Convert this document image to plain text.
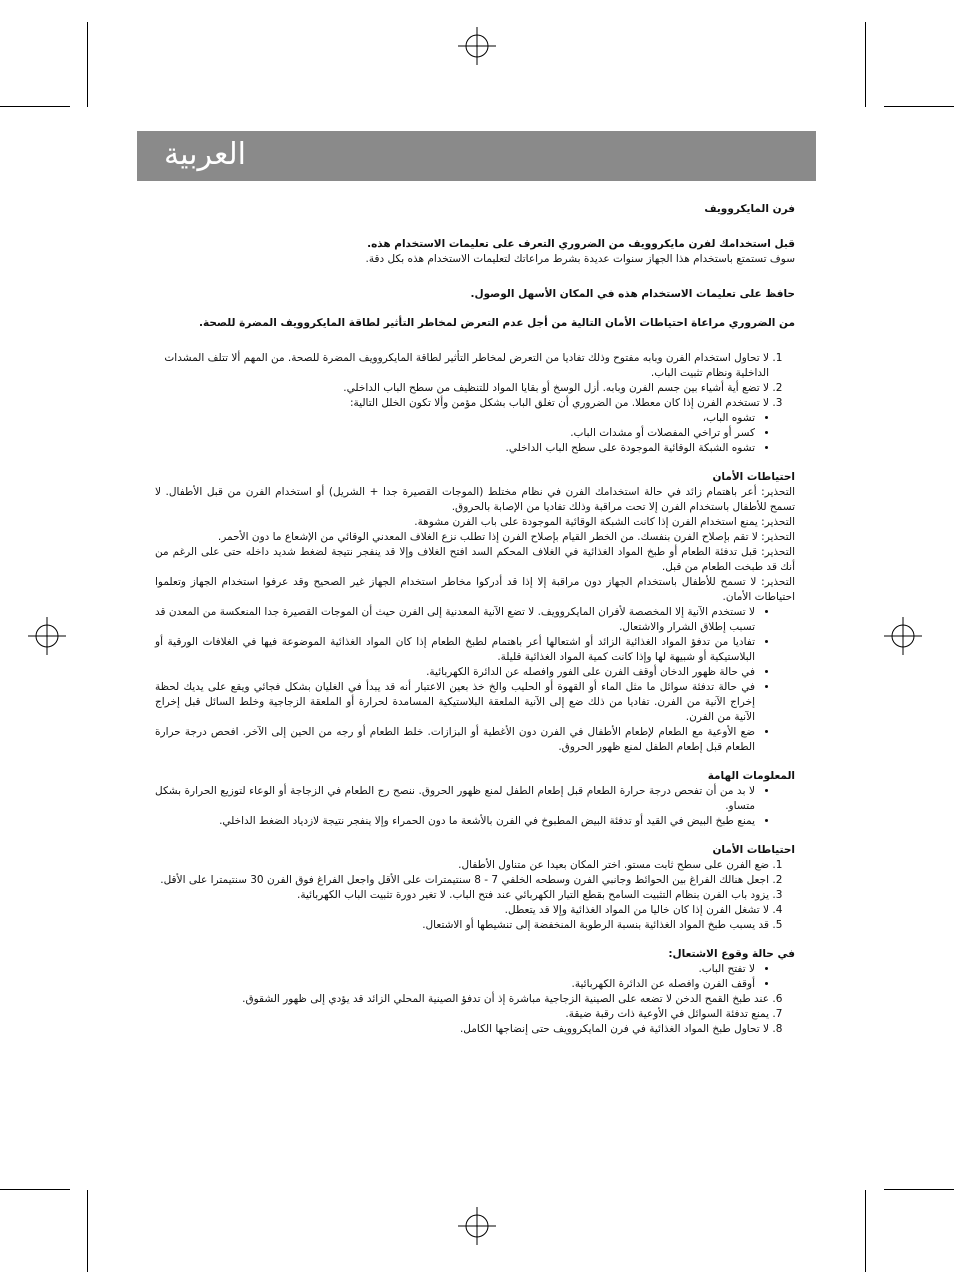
العربية

فرن المايكروويف

قبل استخدامك لفرن مايكروويف من الضروري التعرف على تعليمات الاستخدام هذه.

سوف تستمتع باستخدام هذا الجهاز سنوات عديدة بشرط مراعاتك لتعليمات الاستخدام هذه بكل دقة.

حافظ على تعليمات الاستخدام هذه في المكان الأسهل الوصول.

من الضروري مراعاة احتياطات الأمان التالية من أجل عدم التعرض لمخاطر التأثير لطاقة المايكروويف المضرة للصحة.

1. لا تحاول استخدام الفرن وبابه مفتوح وذلك تفاديا من التعرض لمخاطر التأثير لطاقة المايكروويف المضرة للصحة. من المهم ألا تتلف المشدات الداخلية ونظام تثبيت الباب.
2. لا تضع أية أشياء بين جسم الفرن وبابه. أزل الوسخ أو بقايا المواد للتنظيف من سطح الباب الداخلي.
3. لا تستخدم الفرن إذا كان معطلا. من الضروري أن تغلق الباب بشكل مؤمن وألا تكون الخلل التالية:
• تشوه الباب،
• كسر أو تراخي المفصلات أو مشدات الباب.
• تشوه الشبكة الوقائية الموجودة على سطح الباب الداخلي.

احتياطات الأمان

التحذير: أعر باهتمام زائد في حالة استخدامك الفرن في نظام مختلط (الموجات القصيرة جدا + الشريل) أو استخدام الفرن من قبل الأطفال. لا تسمح للأطفال باستخدام الفرن إلا تحت مراقبة وذلك تفاديا من الإصابة بالحروق.

التحذير: يمنع استخدام الفرن إذا كانت الشبكة الوقائية الموجودة على باب الفرن مشوهة.

التحذير: لا تقم بإصلاح الفرن بنفسك. من الخطر القيام بإصلاح الفرن إذا تطلب نزع الغلاف المعدني الوقائي من الإشعاع ما دون الأحمر.

التحذير: قبل تدفئة الطعام أو طبخ المواد الغذائية في الغلاف المحكم السد افتح الغلاف وإلا قد ينفجر نتيجة لضغط شديد داخله حتى على الرغم من أنك قد طبخت الطعام من قبل.

التحذير: لا تسمح للأطفال باستخدام الجهاز دون مراقبة إلا إذا قد أدركوا مخاطر استخدام الجهاز غير الصحيح وقد عرفوا استخدام الجهاز وتعلموا احتياطات الأمان.

• لا تستخدم الآنية إلا المخصصة لأفران المايكروويف. لا تضع الآنية المعدنية إلى الفرن حيث أن الموجات القصيرة جدا المنعكسة من المعدن قد تسبب إطلاق الشرار والاشتعال.
• تفاديا من تدفؤ المواد الغذائية الزائد أو اشتعالها أعر باهتمام لطبخ الطعام إذا كان المواد الغذائية الموضوعة فيها في الغلافات الورقية أو البلاستيكية أو شبيهة لها وإذا كانت كمية المواد الغذائية قليلة.
• في حالة ظهور الدخان أوقف الفرن على الفور وافصله عن الدائرة الكهربائية.
• في حالة تدفئة سوائل ما مثل الماء أو القهوة أو الحليب والخ خذ بعين الاعتبار أنه قد يبدأ في الغليان بشكل فجائي ويقع على يديك لحظة إخراج الآنية من الفرن. تفاديا من ذلك ضع إلى الآنية الملعقة البلاستيكية المسامدة لحرارة أو الملعقة الزجاجية وخلط السائل قبل إخراج الآنية من الفرن.
• ضع الأوعية مع الطعام لإطعام الأطفال في الفرن دون الأغطية أو البزازات. خلط الطعام أو رجه من الحين إلى الآخر. افحص درجة حرارة الطعام قبل إطعام الطفل لمنع ظهور الحروق.

المعلومات الهامة

• لا بد من أن تفحص درجة حرارة الطعام قبل إطعام الطفل لمنع ظهور الحروق. ننصح رج الطعام في الزجاجة أو الوعاء لتوزيع الحرارة بشكل متساو.
• يمنع طبخ البيض في القيد أو تدفئة البيض المطبوخ في الفرن بالأشعة ما دون الحمراء وإلا ينفجر نتيجة لازدياد الضغط الداخلي.

احتياطات الأمان

1. ضع الفرن على سطح ثابت مستو. اختر المكان بعيدا عن متناول الأطفال.
2. اجعل هنالك الفراغ بين الحوائط وجانبي الفرن وسطحه الخلفي 7 - 8 سنتيمترات على الأقل واجعل الفراغ فوق الفرن 30 سنتيمترا على الأقل.
3. يزود باب الفرن بنظام التثبيت السامح بقطع التيار الكهربائي عند فتح الباب. لا تغير دورة تثبيت الباب الكهربائية.
4. لا تشغل الفرن إذا كان خاليا من المواد الغذائية وإلا قد يتعطل.
5. قد يسبب طبخ المواد الغذائية بنسبة الرطوبة المنخفضة إلى تنشيطها أو الاشتعال.

في حالة وقوع الاشتعال:

• لا تفتح الباب.
• أوقف الفرن وافصله عن الدائرة الكهربائية.
6. عند طبخ القمح الدخن لا تضعه على الصينية الزجاجية مباشرة إذ أن تدفؤ الصينية المحلي الزائد قد يؤدي إلى ظهور الشقوق.
7. يمنع تدفئة السوائل في الأوعية ذات رقبة ضيقة.
8. لا تحاول طبخ المواد الغذائية في فرن المايكروويف حتى إنضاجها الكامل.
